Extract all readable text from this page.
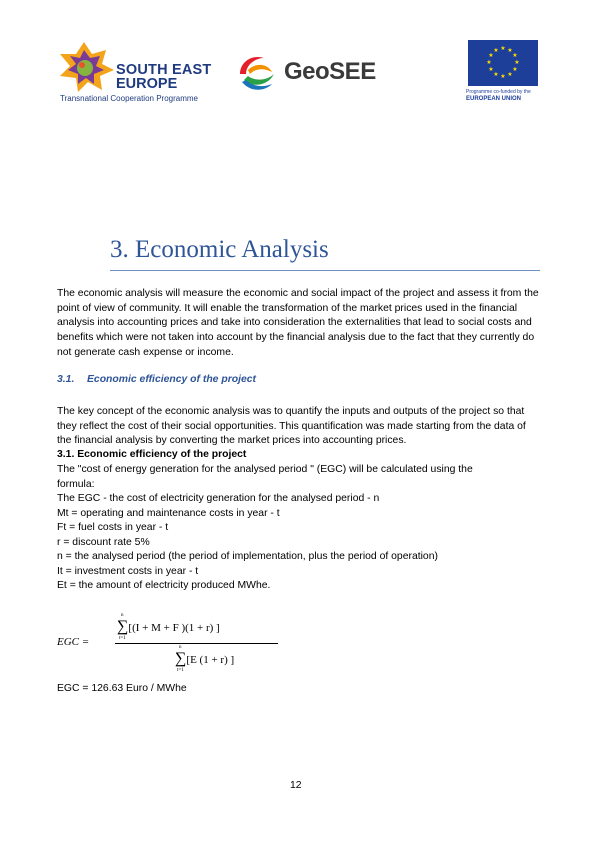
SOUTH EAST
EUROPE
Transnational Cooperation Programme
GeoSEE
★ ★
★
★
★
★
★
★
★
★
★
★
Programme co-funded by the
EUROPEAN UNION
3. Economic Analysis

The economic analysis will measure the economic and social impact of the project and assess it from the point of view of community. It will enable the transformation of the market prices used in the financial analysis into accounting prices and take into consideration the externalities that lead to social costs and benefits which were not taken into account by the financial analysis due to the fact that they currently do not generate cash expense or income.

3.1. Economic efficiency of the project

The key concept of the economic analysis was to quantify the inputs and outputs of the project so that they reflect the cost of their social opportunities. This quantification was made starting from the data of the financial analysis by converting the market prices into accounting prices.

3.1. Economic efficiency of the project
The "cost of energy generation for the analysed period " (EGC) will be calculated using the
formula:
The EGC - the cost of electricity generation for the analysed period - n
Mt = operating and maintenance costs in year - t
Ft = fuel costs in year - t
r = discount rate 5%
n = the analysed period (the period of implementation, plus the period of operation)
It = investment costs in year - t
Et = the amount of electricity produced MWhe.
EGC =
∑[(I + M + F )(1 + r) ]
n
t=1
∑[E (1 + r) ]
n
t=1
EGC = 126.63 Euro / MWhe
12
